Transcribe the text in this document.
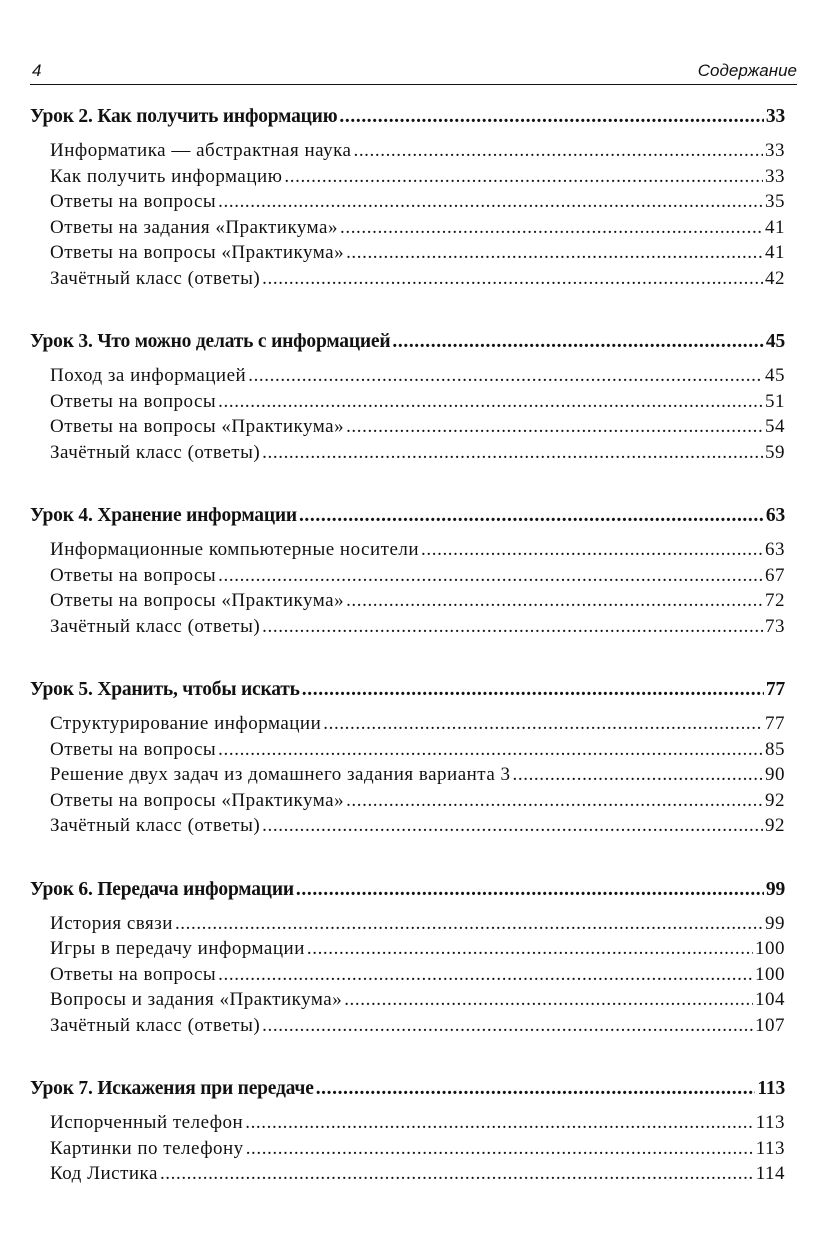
4	Содержание
Урок 2. Как получить информацию .....	33
Информатика — абстрактная наука .....	33
Как получить информацию .....	33
Ответы на вопросы .....	35
Ответы на задания «Практикума» .....	41
Ответы на вопросы «Практикума» .....	41
Зачётный класс (ответы) .....	42
Урок 3. Что можно делать с информацией .....	45
Поход за информацией .....	45
Ответы на вопросы .....	51
Ответы на вопросы «Практикума» .....	54
Зачётный класс (ответы) .....	59
Урок 4. Хранение информации .....	63
Информационные компьютерные носители .....	63
Ответы на вопросы .....	67
Ответы на вопросы «Практикума» .....	72
Зачётный класс (ответы) .....	73
Урок 5. Хранить, чтобы искать .....	77
Структурирование информации .....	77
Ответы на вопросы .....	85
Решение двух задач из домашнего задания варианта 3 .....	90
Ответы на вопросы «Практикума» .....	92
Зачётный класс (ответы) .....	92
Урок 6. Передача информации .....	99
История связи .....	99
Игры в передачу информации .....	100
Ответы на вопросы .....	100
Вопросы и задания «Практикума» .....	104
Зачётный класс (ответы) .....	107
Урок 7. Искажения при передаче .....	113
Испорченный телефон .....	113
Картинки по телефону .....	113
Код Листика .....	114
